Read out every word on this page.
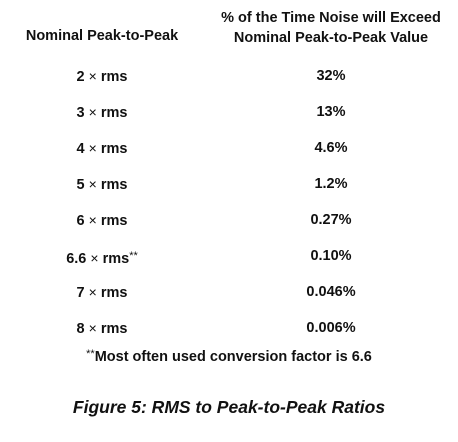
Nominal Peak-to-Peak
% of the Time Noise will Exceed
Nominal Peak-to-Peak Value
2 × rms	32%
3 × rms	13%
4 × rms	4.6%
5 × rms	1.2%
6 × rms	0.27%
6.6 × rms**	0.10%
7 × rms	0.046%
8 × rms	0.006%
**Most often used conversion factor is 6.6
Figure 5: RMS to Peak-to-Peak Ratios
